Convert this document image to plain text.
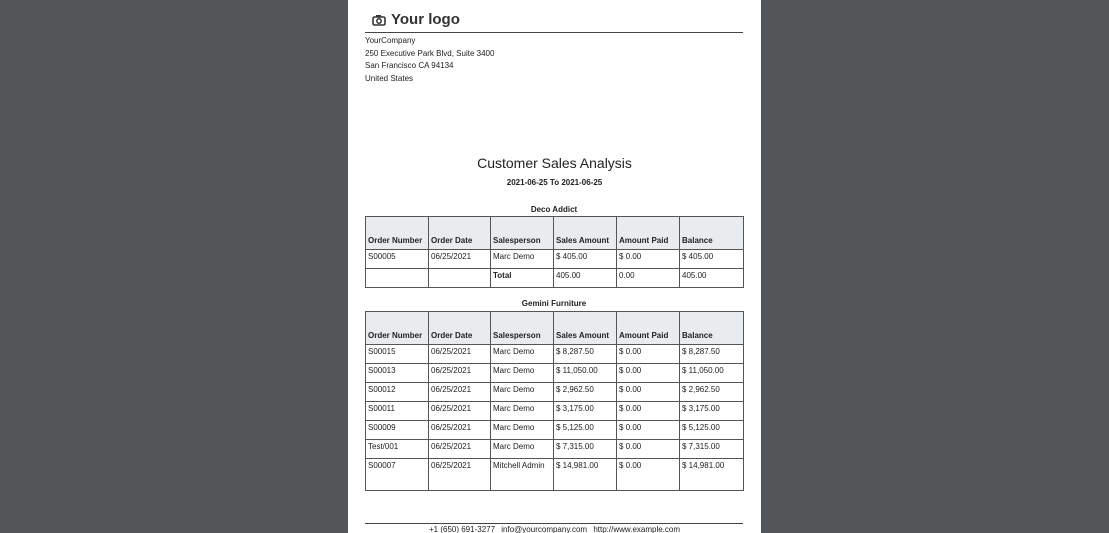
Your logo
YourCompany
250 Executive Park Blvd, Suite 3400
San Francisco CA 94134
United States
Customer Sales Analysis
2021-06-25 To 2021-06-25
Deco Addict
Order Number	Order Date	Salesperson	Sales Amount	Amount Paid	Balance
S00005	06/25/2021	Marc Demo	$ 405.00	$ 0.00	$ 405.00
		Total	405.00	0.00	405.00
Gemini Furniture
Order Number	Order Date	Salesperson	Sales Amount	Amount Paid	Balance
S00015	06/25/2021	Marc Demo	$ 8,287.50	$ 0.00	$ 8,287.50
S00013	06/25/2021	Marc Demo	$ 11,050.00	$ 0.00	$ 11,050.00
S00012	06/25/2021	Marc Demo	$ 2,962.50	$ 0.00	$ 2,962.50
S00011	06/25/2021	Marc Demo	$ 3,175.00	$ 0.00	$ 3,175.00
S00009	06/25/2021	Marc Demo	$ 5,125.00	$ 0.00	$ 5,125.00
Test/001	06/25/2021	Marc Demo	$ 7,315.00	$ 0.00	$ 7,315.00
S00007	06/25/2021	Mitchell Admin	$ 14,981.00	$ 0.00	$ 14,981.00
+1 (650) 691-3277 info@yourcompany.com http://www.example.com
